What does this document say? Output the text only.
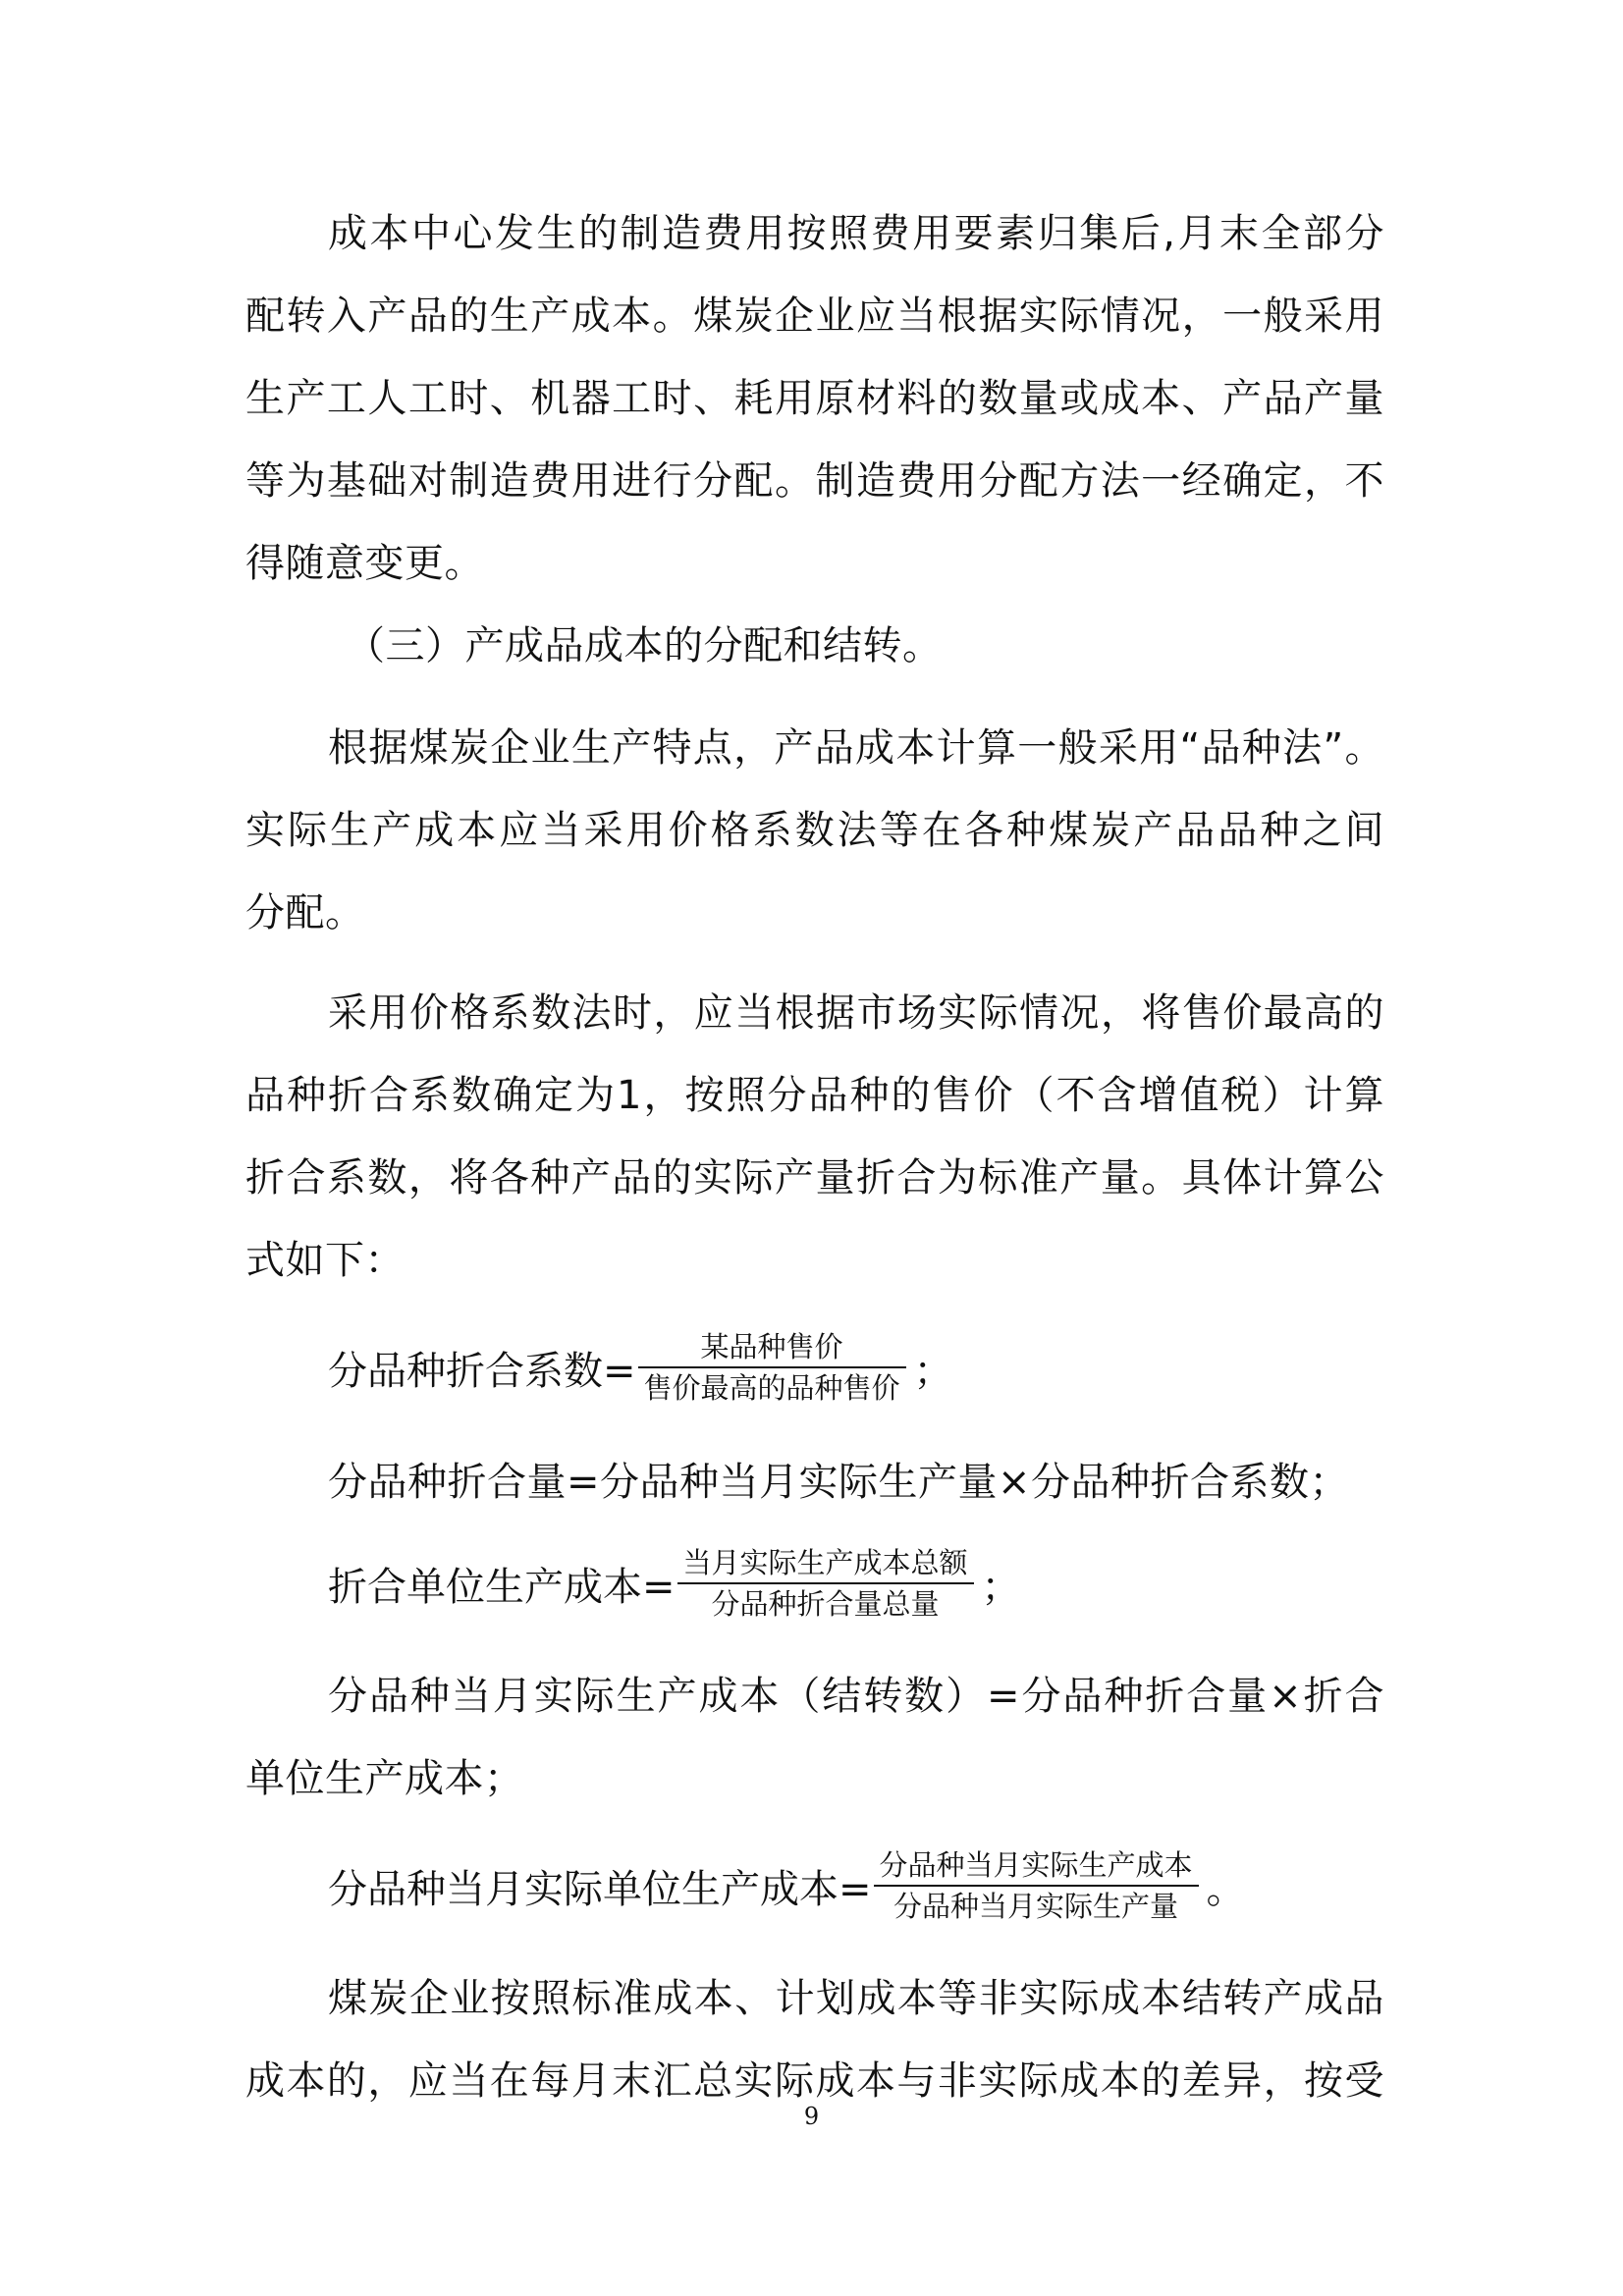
成本中心发生的制造费用按照费用要素归集后,月末全部分
配转入产品的生产成本。煤炭企业应当根据实际情况，一般采用
生产工人工时、机器工时、耗用原材料的数量或成本、产品产量
等为基础对制造费用进行分配。制造费用分配方法一经确定，不
得随意变更。
（三）产成品成本的分配和结转。
根据煤炭企业生产特点，产品成本计算一般采用“品种法”。
实际生产成本应当采用价格系数法等在各种煤炭产品品种之间
分配。
采用价格系数法时，应当根据市场实际情况，将售价最高的
品种折合系数确定为1，按照分品种的售价（不含增值税）计算
折合系数，将各种产品的实际产量折合为标准产量。具体计算公
式如下：
分品种折合系数= $\frac{\text{某品种售价}}{\text{售价最高的品种售价}}$ ；
分品种折合量=分品种当月实际生产量×分品种折合系数；
折合单位生产成本= $\frac{\text{当月实际生产成本总额}}{\text{分品种折合量总量}}$ ；
分品种当月实际生产成本（结转数）=分品种折合量×折合
单位生产成本；
分品种当月实际单位生产成本= $\frac{\text{分品种当月实际生产成本}}{\text{分品种当月实际生产量}}$ 。
煤炭企业按照标准成本、计划成本等非实际成本结转产成品
成本的，应当在每月末汇总实际成本与非实际成本的差异，按受
9
